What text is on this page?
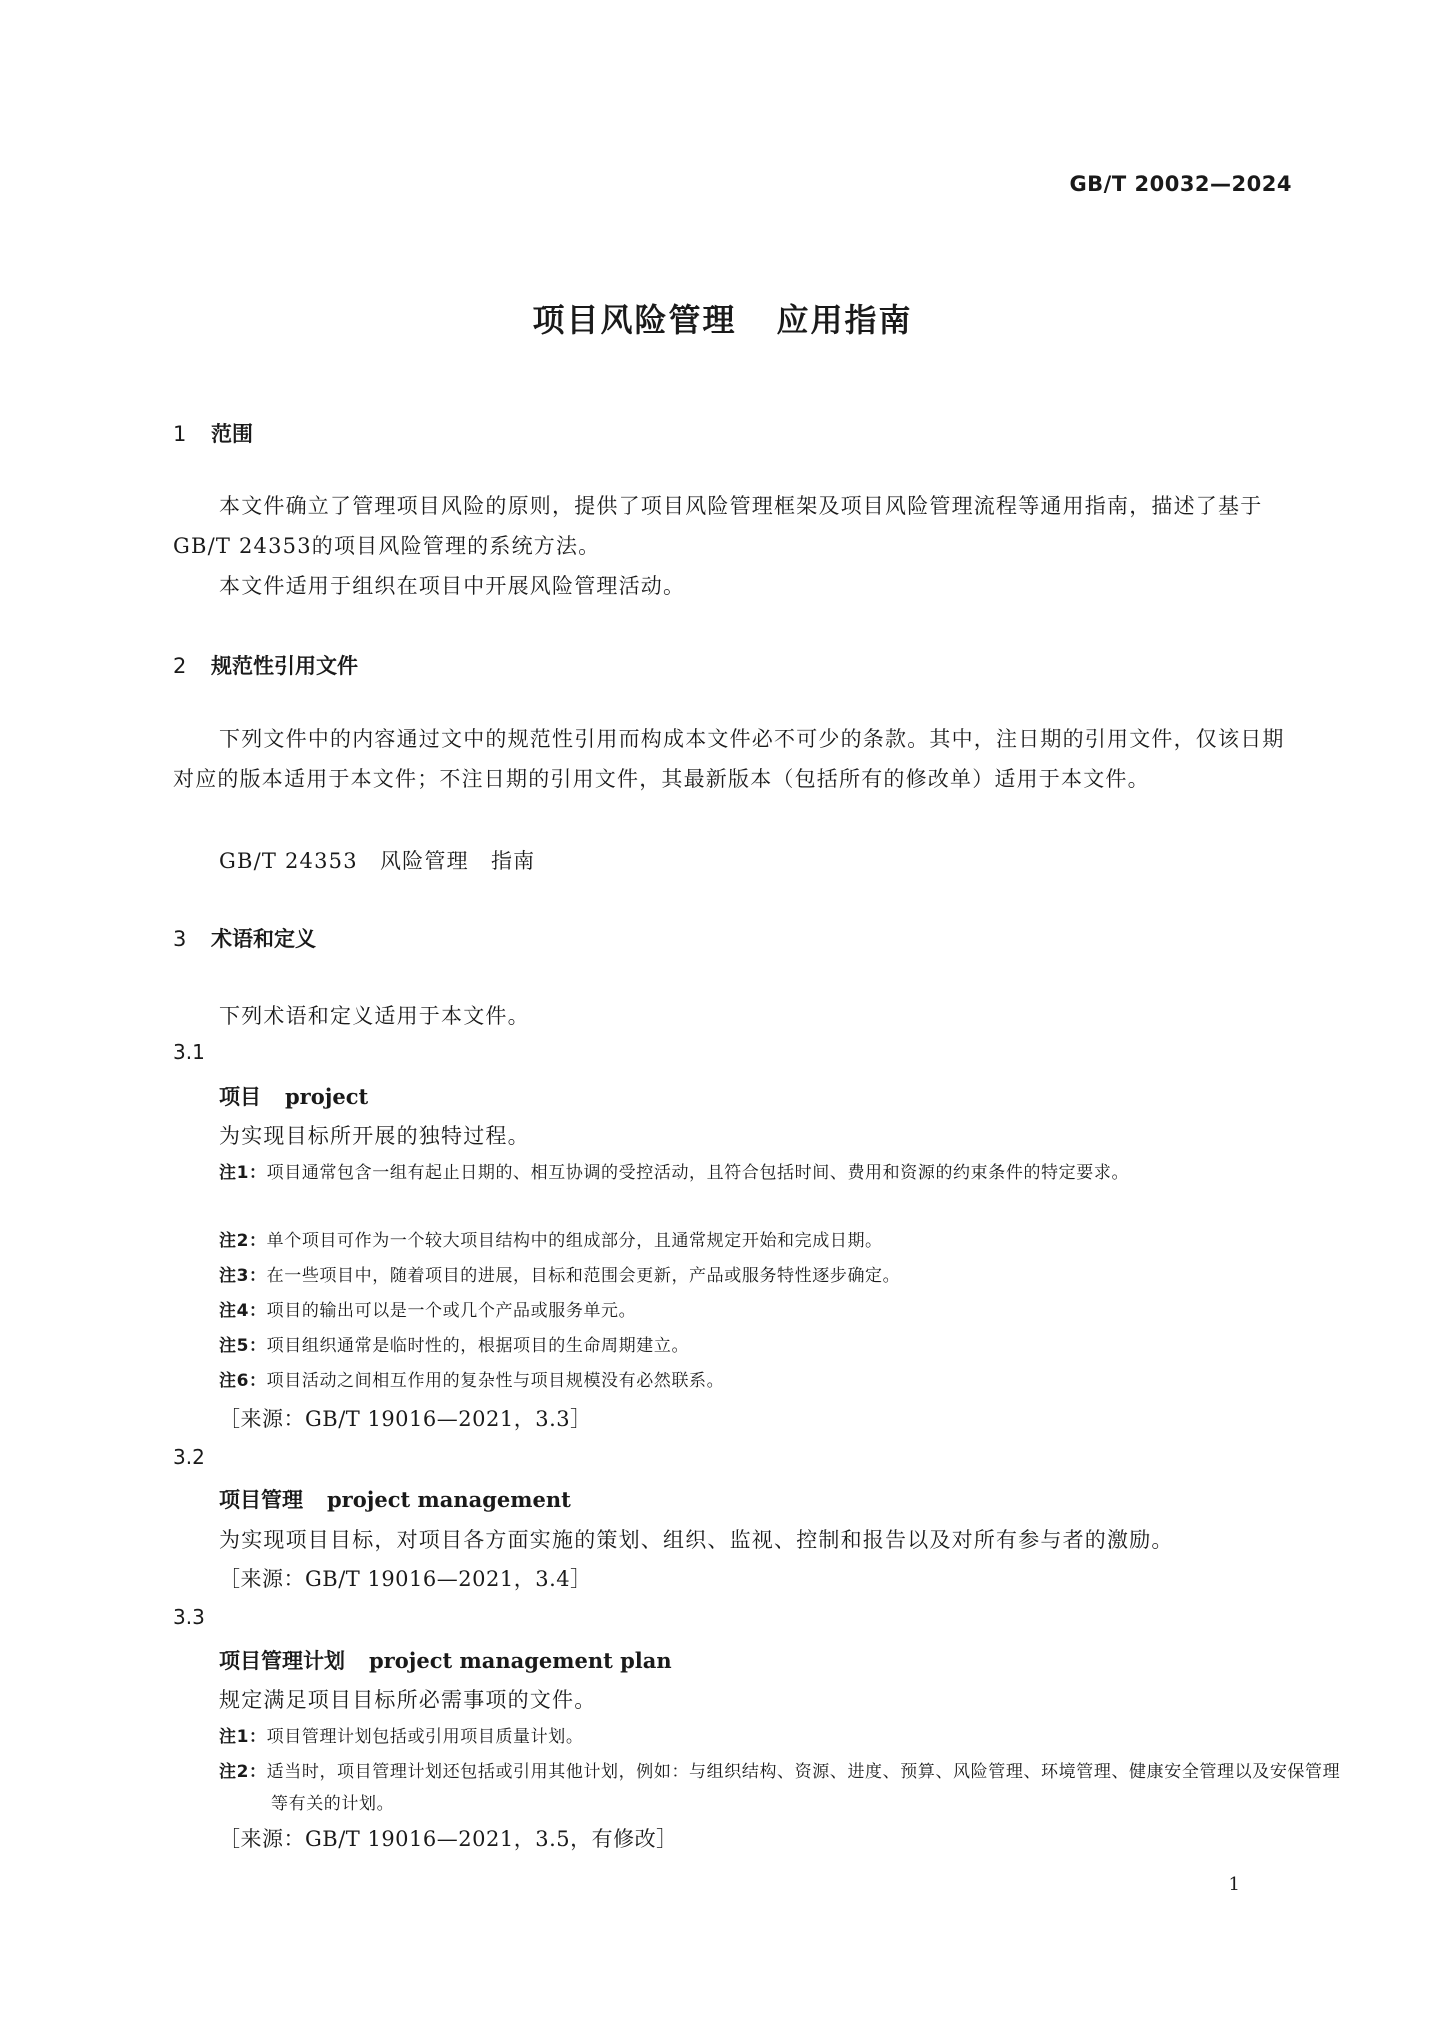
GB/T 20032—2024
项目风险管理 应用指南
1 范围
本文件确立了管理项目风险的原则，提供了项目风险管理框架及项目风险管理流程等通用指南，描述了基于GB/T 24353的项目风险管理的系统方法。
本文件适用于组织在项目中开展风险管理活动。
2 规范性引用文件
下列文件中的内容通过文中的规范性引用而构成本文件必不可少的条款。其中，注日期的引用文件，仅该日期对应的版本适用于本文件；不注日期的引用文件，其最新版本（包括所有的修改单）适用于本文件。
GB/T 24353　风险管理　指南
3 术语和定义
下列术语和定义适用于本文件。
3.1
项目 project
为实现目标所开展的独特过程。
注1：项目通常包含一组有起止日期的、相互协调的受控活动，且符合包括时间、费用和资源的约束条件的特定要求。
注2：单个项目可作为一个较大项目结构中的组成部分，且通常规定开始和完成日期。
注3：在一些项目中，随着项目的进展，目标和范围会更新，产品或服务特性逐步确定。
注4：项目的输出可以是一个或几个产品或服务单元。
注5：项目组织通常是临时性的，根据项目的生命周期建立。
注6：项目活动之间相互作用的复杂性与项目规模没有必然联系。
［来源：GB/T 19016—2021，3.3］
3.2
项目管理 project management
为实现项目目标，对项目各方面实施的策划、组织、监视、控制和报告以及对所有参与者的激励。
［来源：GB/T 19016—2021，3.4］
3.3
项目管理计划 project management plan
规定满足项目目标所必需事项的文件。
注1：项目管理计划包括或引用项目质量计划。
注2：适当时，项目管理计划还包括或引用其他计划，例如：与组织结构、资源、进度、预算、风险管理、环境管理、健康安全管理以及安保管理等有关的计划。
［来源：GB/T 19016—2021，3.5，有修改］
1
